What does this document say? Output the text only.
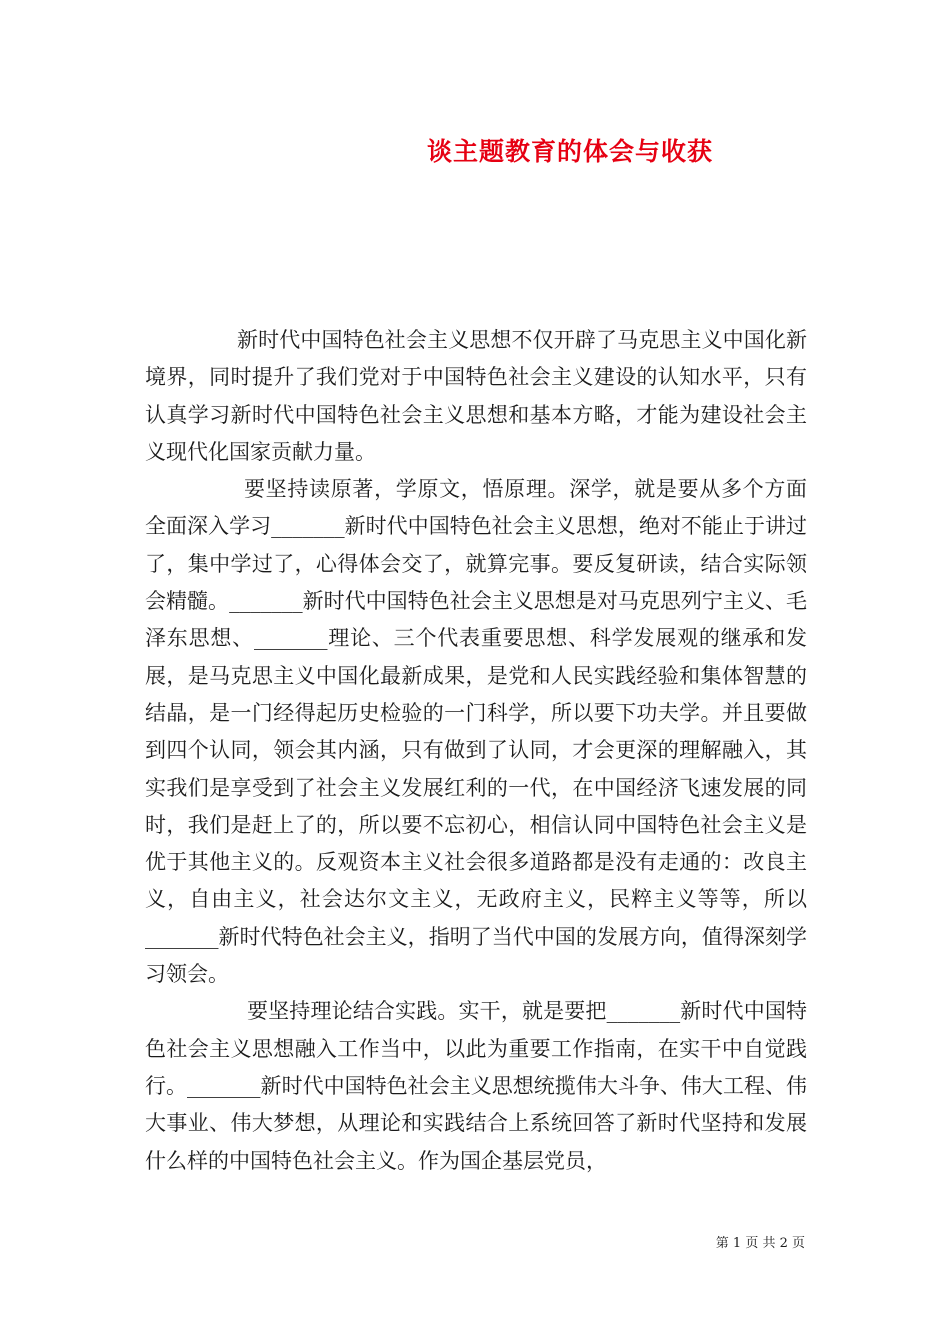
谈主题教育的体会与收获

新时代中国特色社会主义思想不仅开辟了马克思主义中国化新境界，同时提升了我们党对于中国特色社会主义建设的认知水平，只有认真学习新时代中国特色社会主义思想和基本方略，才能为建设社会主义现代化国家贡献力量。

要坚持读原著，学原文，悟原理。深学，就是要从多个方面全面深入学习_______新时代中国特色社会主义思想，绝对不能止于讲过了，集中学过了，心得体会交了，就算完事。要反复研读，结合实际领会精髓。_______新时代中国特色社会主义思想是对马克思列宁主义、毛泽东思想、_______理论、三个代表重要思想、科学发展观的继承和发展，是马克思主义中国化最新成果，是党和人民实践经验和集体智慧的结晶，是一门经得起历史检验的一门科学，所以要下功夫学。并且要做到四个认同，领会其内涵，只有做到了认同，才会更深的理解融入，其实我们是享受到了社会主义发展红利的一代，在中国经济飞速发展的同时，我们是赶上了的，所以要不忘初心，相信认同中国特色社会主义是优于其他主义的。反观资本主义社会很多道路都是没有走通的：改良主义，自由主义，社会达尔文主义，无政府主义，民粹主义等等，所以_______新时代特色社会主义，指明了当代中国的发展方向，值得深刻学习领会。

要坚持理论结合实践。实干，就是要把_______新时代中国特色社会主义思想融入工作当中，以此为重要工作指南，在实干中自觉践行。_______新时代中国特色社会主义思想统揽伟大斗争、伟大工程、伟大事业、伟大梦想，从理论和实践结合上系统回答了新时代坚持和发展什么样的中国特色社会主义。作为国企基层党员，

第 1 页 共 2 页
